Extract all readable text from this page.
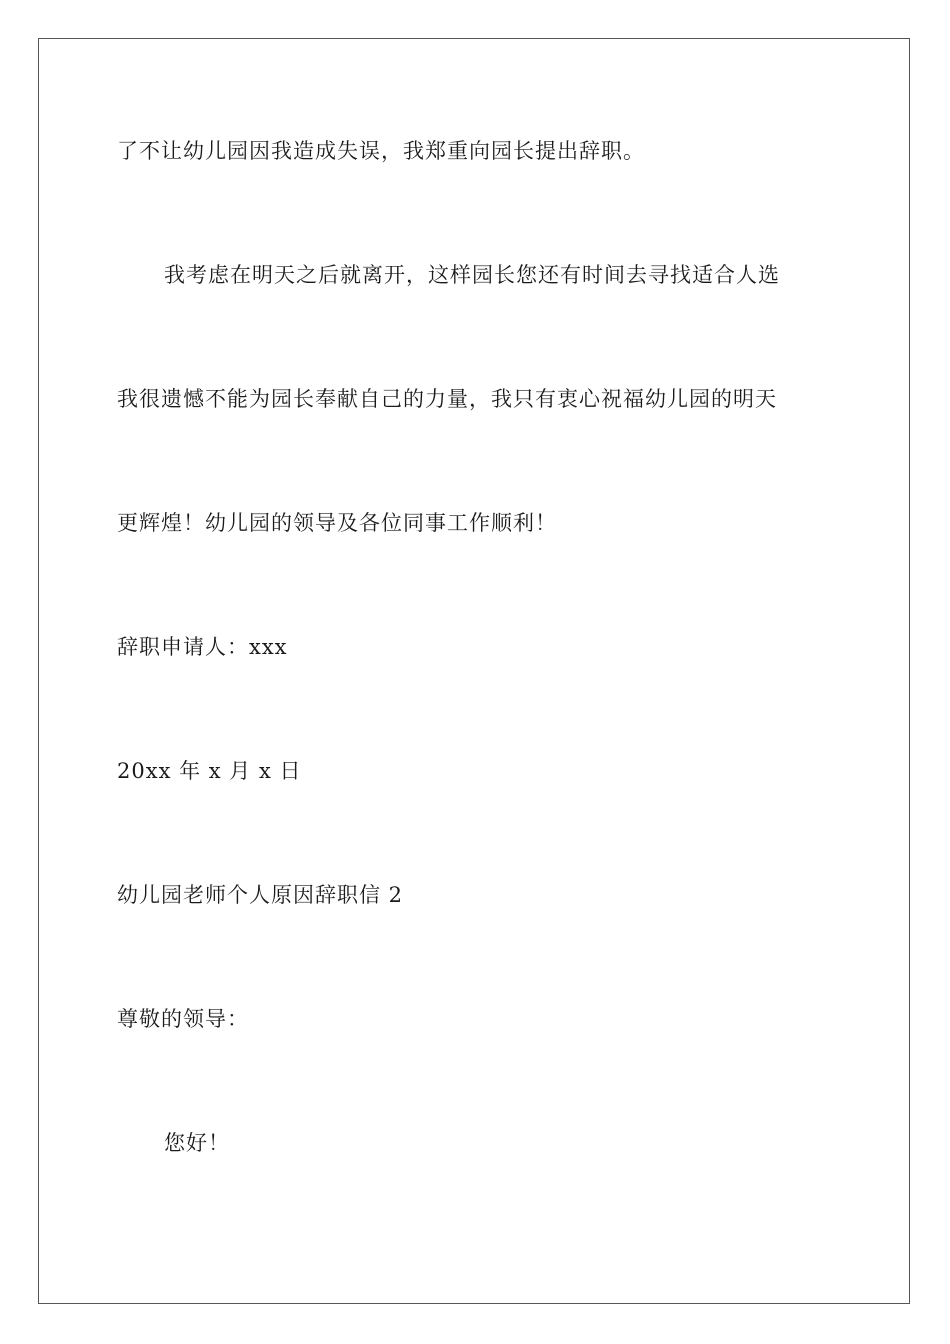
了不让幼儿园因我造成失误，我郑重向园长提出辞职。
我考虑在明天之后就离开，这样园长您还有时间去寻找适合人选
我很遗憾不能为园长奉献自己的力量，我只有衷心祝福幼儿园的明天
更辉煌！幼儿园的领导及各位同事工作顺利！
辞职申请人：xxx
20xx 年 x 月 x 日
幼儿园老师个人原因辞职信 2
尊敬的领导：
您好！
